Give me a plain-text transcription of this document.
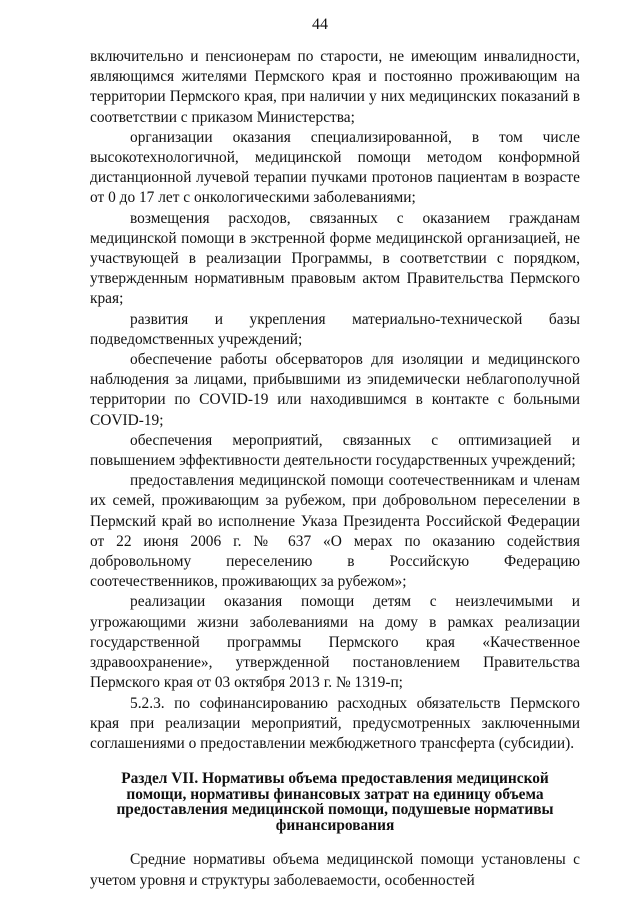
44

включительно и пенсионерам по старости, не имеющим инвалидности, являющимся жителями Пермского края и постоянно проживающим на территории Пермского края, при наличии у них медицинских показаний в соответствии с приказом Министерства;

организации оказания специализированной, в том числе высокотехнологичной, медицинской помощи методом конформной дистанционной лучевой терапии пучками протонов пациентам в возрасте от 0 до 17 лет с онкологическими заболеваниями;

возмещения расходов, связанных с оказанием гражданам медицинской помощи в экстренной форме медицинской организацией, не участвующей в реализации Программы, в соответствии с порядком, утвержденным нормативным правовым актом Правительства Пермского края;

развития и укрепления материально-технической базы подведомственных учреждений;

обеспечение работы обсерваторов для изоляции и медицинского наблюдения за лицами, прибывшими из эпидемически неблагополучной территории по COVID-19 или находившимся в контакте с больными COVID-19;

обеспечения мероприятий, связанных с оптимизацией и повышением эффективности деятельности государственных учреждений;

предоставления медицинской помощи соотечественникам и членам их семей, проживающим за рубежом, при добровольном переселении в Пермский край во исполнение Указа Президента Российской Федерации от 22 июня 2006 г. № 637 «О мерах по оказанию содействия добровольному переселению в Российскую Федерацию соотечественников, проживающих за рубежом»;

реализации оказания помощи детям с неизлечимыми и угрожающими жизни заболеваниями на дому в рамках реализации государственной программы Пермского края «Качественное здравоохранение», утвержденной постановлением Правительства Пермского края от 03 октября 2013 г. № 1319-п;

5.2.3. по софинансированию расходных обязательств Пермского края при реализации мероприятий, предусмотренных заключенными соглашениями о предоставлении межбюджетного трансферта (субсидии).

Раздел VII. Нормативы объема предоставления медицинской помощи, нормативы финансовых затрат на единицу объема предоставления медицинской помощи, подушевые нормативы финансирования

Средние нормативы объема медицинской помощи установлены с учетом уровня и структуры заболеваемости, особенностей
